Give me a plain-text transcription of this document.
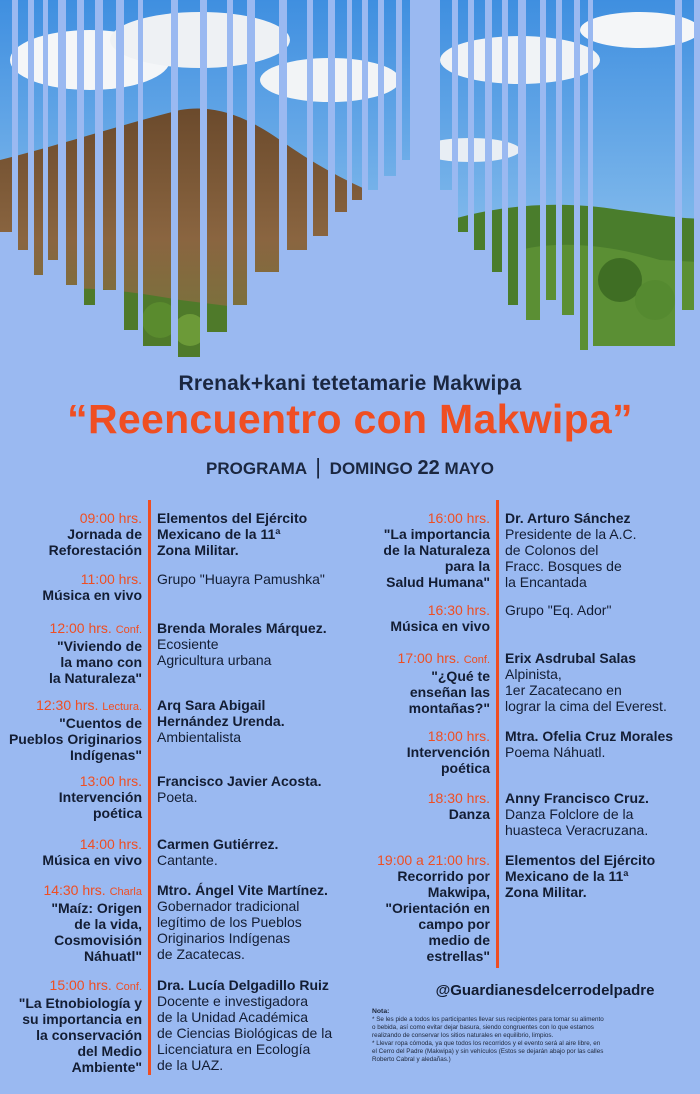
Rrenak+kani tetetamarie Makwipa
“Reencuentro con Makwipa”
PROGRAMA | DOMINGO 22 MAYO
09:00 hrs.
Jornada de
Reforestación
Elementos del Ejército
Mexicano de la 11ª
Zona Militar.
11:00 hrs.
Música en vivo
Grupo "Huayra Pamushka"
12:00 hrs. Conf.
"Viviendo de
la mano con
la Naturaleza"
Brenda Morales Márquez.
Ecosiente
Agricultura urbana
12:30 hrs. Lectura.
"Cuentos de
Pueblos Originarios
Indígenas"
Arq Sara Abigail
Hernández Urenda.
Ambientalista
13:00 hrs.
Intervención
poética
Francisco Javier Acosta.
Poeta.
14:00 hrs.
Música en vivo
Carmen Gutiérrez.
Cantante.
14:30 hrs. Charla
"Maíz: Origen
de la vida,
Cosmovisión
Náhuatl"
Mtro. Ángel Vite Martínez.
Gobernador tradicional
legítimo de los Pueblos
Originarios Indígenas
de Zacatecas.
15:00 hrs. Conf.
"La Etnobiología y
su importancia en
la conservación
del Medio
Ambiente"
Dra. Lucía Delgadillo Ruiz
Docente e investigadora
de la Unidad Académica
de Ciencias Biológicas de la
Licenciatura en Ecología
de la UAZ.
16:00 hrs.
"La importancia
de la Naturaleza
para la
Salud Humana"
Dr. Arturo Sánchez
Presidente de la A.C.
de Colonos del
Fracc. Bosques de
la Encantada
16:30 hrs.
Música en vivo
Grupo "Eq. Ador"
17:00 hrs. Conf.
"¿Qué te
enseñan las
montañas?"
Erix Asdrubal Salas
Alpinista,
1er Zacatecano en
lograr la cima del Everest.
18:00 hrs.
Intervención
poética
Mtra. Ofelia Cruz Morales
Poema Náhuatl.
18:30 hrs.
Danza
Anny Francisco Cruz.
Danza Folclore de la
huasteca Veracruzana.
19:00 a 21:00 hrs.
Recorrido por
Makwipa,
"Orientación en
campo por
medio de
estrellas"
Elementos del Ejército
Mexicano de la 11ª
Zona Militar.
@Guardianesdelcerrodelpadre
Nota:
* Se les pide a todos los participantes llevar sus recipientes para tomar su alimento
o bebida, así como evitar dejar basura, siendo congruentes con lo que estamos
realizando de conservar los sitios naturales en equilibrio, limpios.
* Llevar ropa cómoda, ya que todos los recorridos y el evento será al aire libre, en
el Cerro del Padre (Makwipa) y sin vehículos (Estos se dejarán abajo por las calles
Roberto Cabral y aledañas.)
